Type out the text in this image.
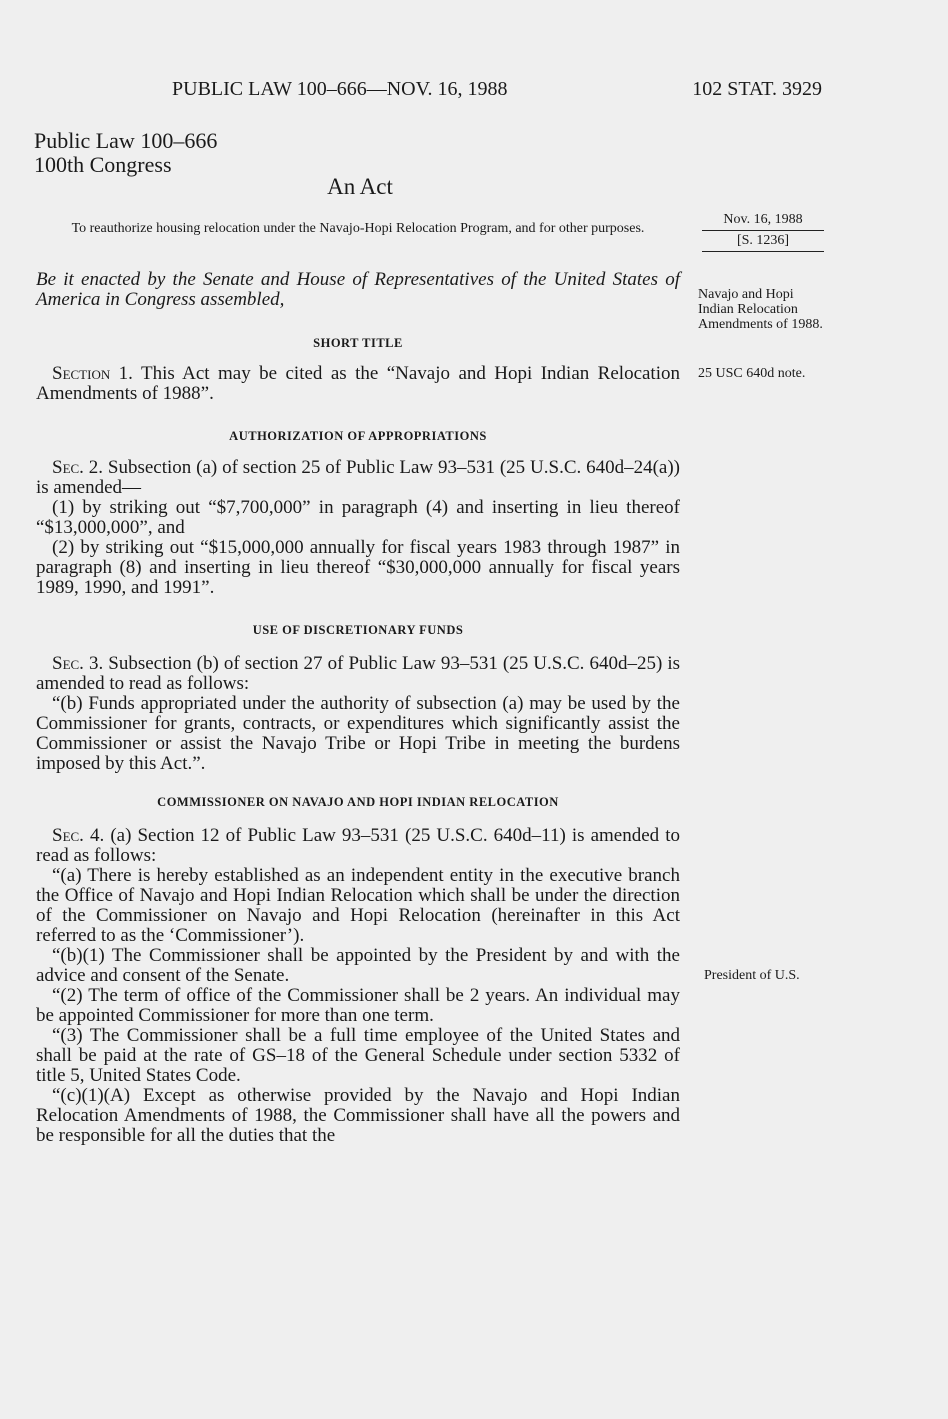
PUBLIC LAW 100–666—NOV. 16, 1988	102 STAT. 3929

Public Law 100–666

100th Congress

An Act

To reauthorize housing relocation under the Navajo-Hopi Relocation Program, and for other purposes.

Be it enacted by the Senate and House of Representatives of the United States of America in Congress assembled,

Nov. 16, 1988
[S. 1236]

Navajo and Hopi Indian Relocation Amendments of 1988.

25 USC 640d note.

President of U.S.

SHORT TITLE

Section 1. This Act may be cited as the “Navajo and Hopi Indian Relocation Amendments of 1988”.

AUTHORIZATION OF APPROPRIATIONS

Sec. 2. Subsection (a) of section 25 of Public Law 93–531 (25 U.S.C. 640d–24(a)) is amended—

(1) by striking out “$7,700,000” in paragraph (4) and inserting in lieu thereof “$13,000,000”, and

(2) by striking out “$15,000,000 annually for fiscal years 1983 through 1987” in paragraph (8) and inserting in lieu thereof “$30,000,000 annually for fiscal years 1989, 1990, and 1991”.

USE OF DISCRETIONARY FUNDS

Sec. 3. Subsection (b) of section 27 of Public Law 93–531 (25 U.S.C. 640d–25) is amended to read as follows:

“(b) Funds appropriated under the authority of subsection (a) may be used by the Commissioner for grants, contracts, or expenditures which significantly assist the Commissioner or assist the Navajo Tribe or Hopi Tribe in meeting the burdens imposed by this Act.”.

COMMISSIONER ON NAVAJO AND HOPI INDIAN RELOCATION

Sec. 4. (a) Section 12 of Public Law 93–531 (25 U.S.C. 640d–11) is amended to read as follows:

“(a) There is hereby established as an independent entity in the executive branch the Office of Navajo and Hopi Indian Relocation which shall be under the direction of the Commissioner on Navajo and Hopi Relocation (hereinafter in this Act referred to as the ‘Commissioner’).

“(b)(1) The Commissioner shall be appointed by the President by and with the advice and consent of the Senate.

“(2) The term of office of the Commissioner shall be 2 years. An individual may be appointed Commissioner for more than one term.

“(3) The Commissioner shall be a full time employee of the United States and shall be paid at the rate of GS–18 of the General Schedule under section 5332 of title 5, United States Code.

“(c)(1)(A) Except as otherwise provided by the Navajo and Hopi Indian Relocation Amendments of 1988, the Commissioner shall have all the powers and be responsible for all the duties that the
